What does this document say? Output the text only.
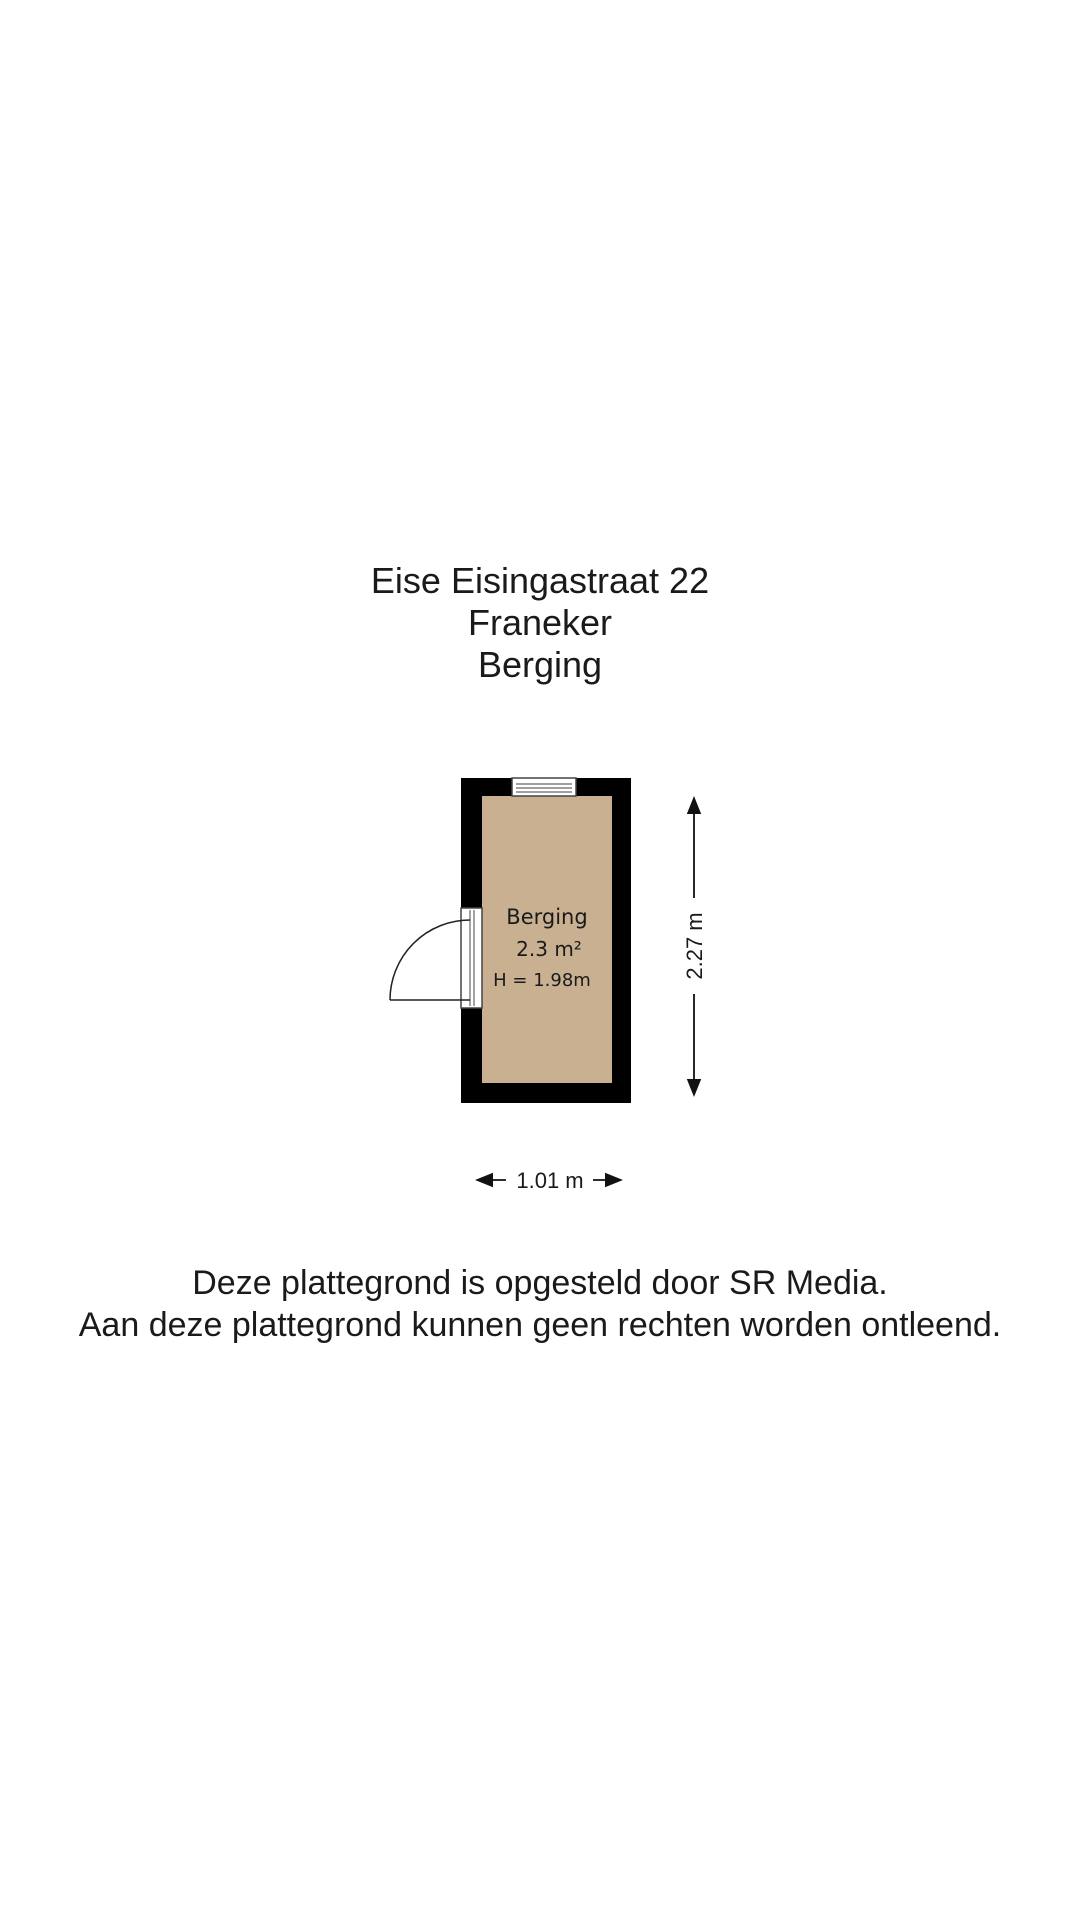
Eise Eisingastraat 22
Franeker
Berging
Berging
2.3 m²
H = 1.98m
2.27 m
1.01 m
Deze plattegrond is opgesteld door SR Media.
Aan deze plattegrond kunnen geen rechten worden ontleend.
